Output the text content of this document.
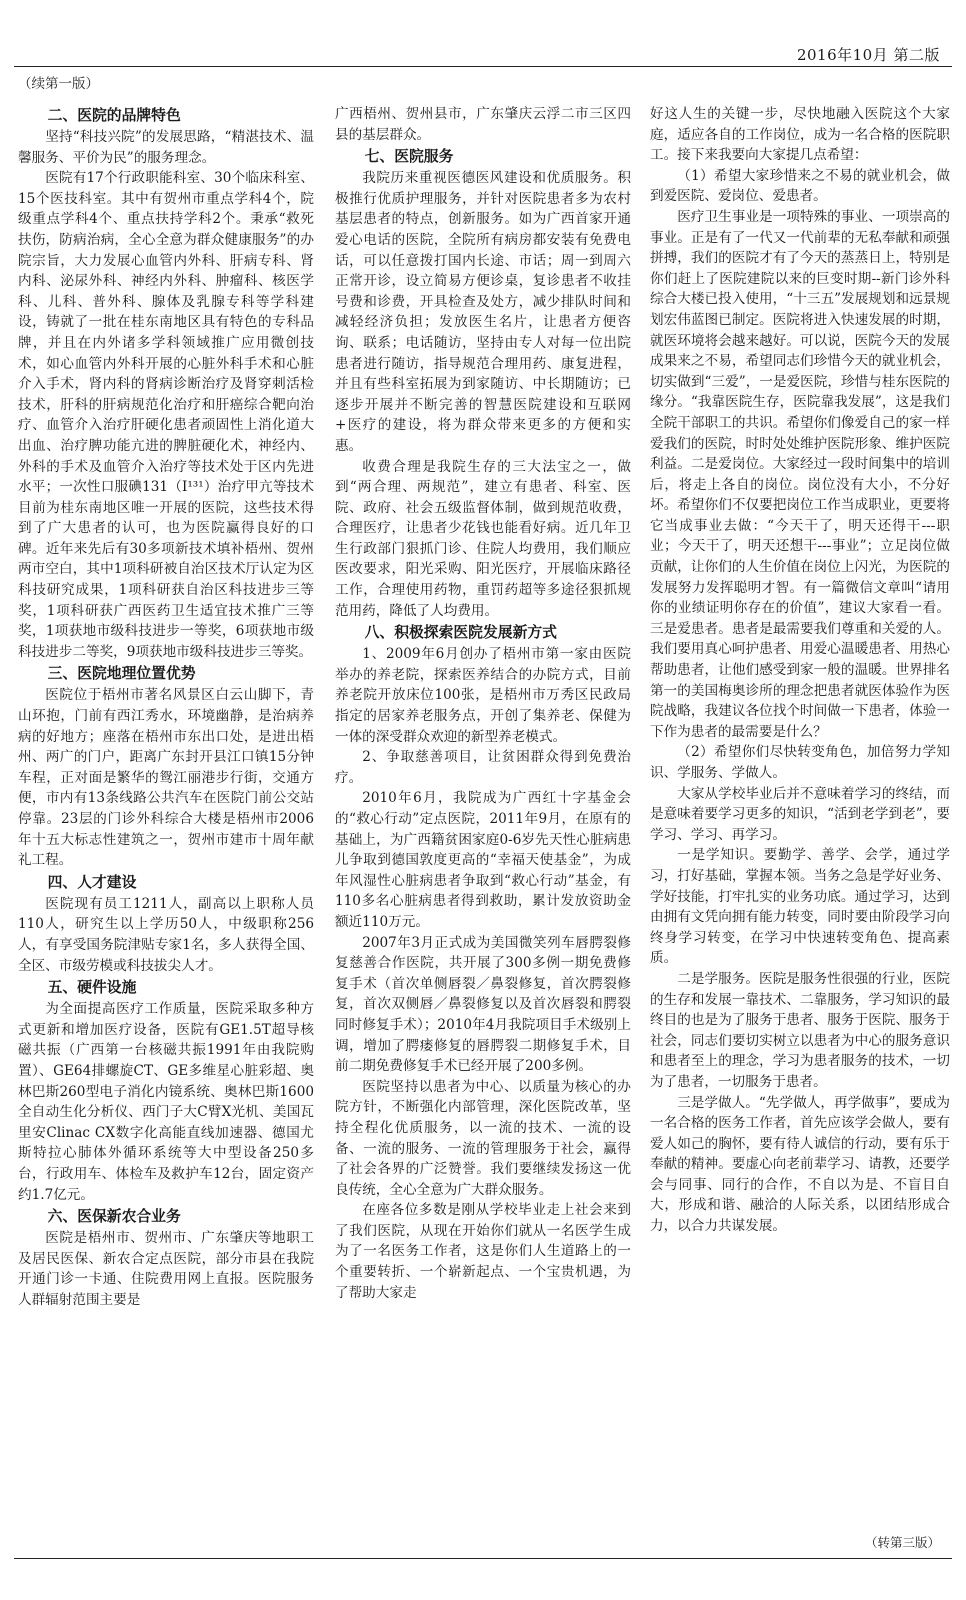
2016年10月 第二版
（续第一版）
二、医院的品牌特色

坚持“科技兴院”的发展思路，“精湛技术、温馨服务、平价为民”的服务理念。

医院有17个行政职能科室、30个临床科室、15个医技科室。其中有贺州市重点学科4个，院级重点学科4个、重点扶持学科2个。秉承“救死扶伤，防病治病，全心全意为群众健康服务”的办院宗旨，大力发展心血管内外科、肝病专科、肾内科、泌尿外科、神经内外科、肿瘤科、核医学科、儿科、普外科、腺体及乳腺专科等学科建设，铸就了一批在桂东南地区具有特色的专科品牌，并且在内外诸多学科领域推广应用微创技术，如心血管内外科开展的心脏外科手术和心脏介入手术，肾内科的肾病诊断治疗及肾穿刺活检技术，肝科的肝病规范化治疗和肝癌综合靶向治疗、血管介入治疗肝硬化患者顽固性上消化道大出血、治疗脾功能亢进的脾脏硬化术，神经内、外科的手术及血管介入治疗等技术处于区内先进水平；一次性口服碘131（I¹³¹）治疗甲亢等技术目前为桂东南地区唯一开展的医院，这些技术得到了广大患者的认可，也为医院赢得良好的口碑。近年来先后有30多项新技术填补梧州、贺州两市空白，其中1项科研被自治区技术厅认定为区科技研究成果，1项科研获自治区科技进步三等奖，1项科研获广西医药卫生适宜技术推广三等奖，1项获地市级科技进步一等奖，6项获地市级科技进步二等奖，9项获地市级科技进步三等奖。

三、医院地理位置优势

医院位于梧州市著名风景区白云山脚下，青山环抱，门前有西江秀水，环境幽静，是治病养病的好地方；座落在梧州市东出口处，是进出梧州、两广的门户，距离广东封开县江口镇15分钟车程，正对面是繁华的鸳江丽港步行街，交通方便，市内有13条线路公共汽车在医院门前公交站停靠。23层的门诊外科综合大楼是梧州市2006年十五大标志性建筑之一，贺州市建市十周年献礼工程。

四、人才建设

医院现有员工1211人，副高以上职称人员110人，研究生以上学历50人，中级职称256人，有享受国务院津贴专家1名，多人获得全国、全区、市级劳模或科技拔尖人才。

五、硬件设施

为全面提高医疗工作质量，医院采取多种方式更新和增加医疗设备，医院有GE1.5T超导核磁共振（广西第一台核磁共振1991年由我院购置）、GE64排螺旋CT、GE多维星心脏彩超、奥林巴斯260型电子消化内镜系统、奥林巴斯1600全自动生化分析仪、西门子大C臂X光机、美国瓦里安Clinac CX数字化高能直线加速器、德国尤斯特拉心肺体外循环系统等大中型设备250多台，行政用车、体检车及救护车12台，固定资产约1.7亿元。

六、医保新农合业务

医院是梧州市、贺州市、广东肇庆等地职工及居民医保、新农合定点医院，部分市县在我院开通门诊一卡通、住院费用网上直报。医院服务人群辐射范围主要是

广西梧州、贺州县市，广东肇庆云浮二市三区四县的基层群众。

七、医院服务

我院历来重视医德医风建设和优质服务。积极推行优质护理服务，并针对医院患者多为农村基层患者的特点，创新服务。如为广西首家开通爱心电话的医院，全院所有病房都安装有免费电话，可以任意拨打国内长途、市话；周一到周六正常开诊，设立简易方便诊桌，复诊患者不收挂号费和诊费，开具检查及处方，减少排队时间和减轻经济负担；发放医生名片，让患者方便咨询、联系；电话随访，坚持由专人对每一位出院患者进行随访，指导规范合理用药、康复进程，并且有些科室拓展为到家随访、中长期随访；已逐步开展并不断完善的智慧医院建设和互联网+医疗的建设，将为群众带来更多的方便和实惠。

收费合理是我院生存的三大法宝之一，做到“两合理、两规范”，建立有患者、科室、医院、政府、社会五级监督体制，做到规范收费，合理医疗，让患者少花钱也能看好病。近几年卫生行政部门狠抓门诊、住院人均费用，我们顺应医改要求，阳光采购、阳光医疗，开展临床路径工作，合理使用药物，重罚药超等多途径狠抓规范用药，降低了人均费用。

八、积极探索医院发展新方式

1、2009年6月创办了梧州市第一家由医院举办的养老院，探索医养结合的办院方式，目前养老院开放床位100张，是梧州市万秀区民政局指定的居家养老服务点，开创了集养老、保健为一体的深受群众欢迎的新型养老模式。

2、争取慈善项目，让贫困群众得到免费治疗。

2010年6月，我院成为广西红十字基金会的“救心行动”定点医院，2011年9月，在原有的基础上，为广西籍贫困家庭0-6岁先天性心脏病患儿争取到德国敦度更高的“幸福天使基金”，为成年风湿性心脏病患者争取到“救心行动”基金，有110多名心脏病患者得到救助，累计发放资助金额近110万元。

2007年3月正式成为美国微笑列车唇腭裂修复慈善合作医院，共开展了300多例一期免费修复手术（首次单侧唇裂／鼻裂修复，首次腭裂修复，首次双侧唇／鼻裂修复以及首次唇裂和腭裂同时修复手术）；2010年4月我院项目手术级别上调，增加了腭瘘修复的唇腭裂二期修复手术，目前二期免费修复手术已经开展了200多例。

医院坚持以患者为中心、以质量为核心的办院方针，不断强化内部管理，深化医院改革，坚持全程化优质服务，以一流的技术、一流的设备、一流的服务、一流的管理服务于社会，赢得了社会各界的广泛赞誉。我们要继续发扬这一优良传统，全心全意为广大群众服务。

在座各位多数是刚从学校毕业走上社会来到了我们医院，从现在开始你们就从一名医学生成为了一名医务工作者，这是你们人生道路上的一个重要转折、一个崭新起点、一个宝贵机遇，为了帮助大家走

好这人生的关键一步，尽快地融入医院这个大家庭，适应各自的工作岗位，成为一名合格的医院职工。接下来我要向大家提几点希望：

（1）希望大家珍惜来之不易的就业机会，做到爱医院、爱岗位、爱患者。

医疗卫生事业是一项特殊的事业、一项崇高的事业。正是有了一代又一代前辈的无私奉献和顽强拼搏，我们的医院才有了今天的蒸蒸日上，特别是你们赶上了医院建院以来的巨变时期--新门诊外科综合大楼已投入使用，“十三五”发展规划和远景规划宏伟蓝图已制定。医院将进入快速发展的时期，就医环境将会越来越好。可以说，医院今天的发展成果来之不易，希望同志们珍惜今天的就业机会，切实做到“三爱”，一是爱医院，珍惜与桂东医院的缘分。“我靠医院生存，医院靠我发展”，这是我们全院干部职工的共识。希望你们像爱自己的家一样爱我们的医院，时时处处维护医院形象、维护医院利益。二是爱岗位。大家经过一段时间集中的培训后，将走上各自的岗位。岗位没有大小，不分好坏。希望你们不仅要把岗位工作当成职业，更要将它当成事业去做：“今天干了，明天还得干---职业；今天干了，明天还想干---事业”；立足岗位做贡献，让你们的人生价值在岗位上闪光，为医院的发展努力发挥聪明才智。有一篇微信文章叫“请用你的业绩证明你存在的价值”，建议大家看一看。三是爱患者。患者是最需要我们尊重和关爱的人。我们要用真心呵护患者、用爱心温暖患者、用热心帮助患者，让他们感受到家一般的温暖。世界排名第一的美国梅奥诊所的理念把患者就医体验作为医院战略，我建议各位找个时间做一下患者，体验一下作为患者的最需要是什么？

（2）希望你们尽快转变角色，加倍努力学知识、学服务、学做人。

大家从学校毕业后并不意味着学习的终结，而是意味着要学习更多的知识，“活到老学到老”，要学习、学习、再学习。

一是学知识。要勤学、善学、会学，通过学习，打好基础，掌握本领。当务之急是学好业务、学好技能，打牢扎实的业务功底。通过学习，达到由拥有文凭向拥有能力转变，同时要由阶段学习向终身学习转变，在学习中快速转变角色、提高素质。

二是学服务。医院是服务性很强的行业，医院的生存和发展一靠技术、二靠服务，学习知识的最终目的也是为了服务于患者、服务于医院、服务于社会，同志们要切实树立以患者为中心的服务意识和患者至上的理念，学习为患者服务的技术，一切为了患者，一切服务于患者。

三是学做人。“先学做人，再学做事”，要成为一名合格的医务工作者，首先应该学会做人，要有爱人如己的胸怀，要有待人诚信的行动，要有乐于奉献的精神。要虚心向老前辈学习、请教，还要学会与同事、同行的合作，不自以为是、不盲目自大，形成和谐、融洽的人际关系，以团结形成合力，以合力共谋发展。

（转第三版）
